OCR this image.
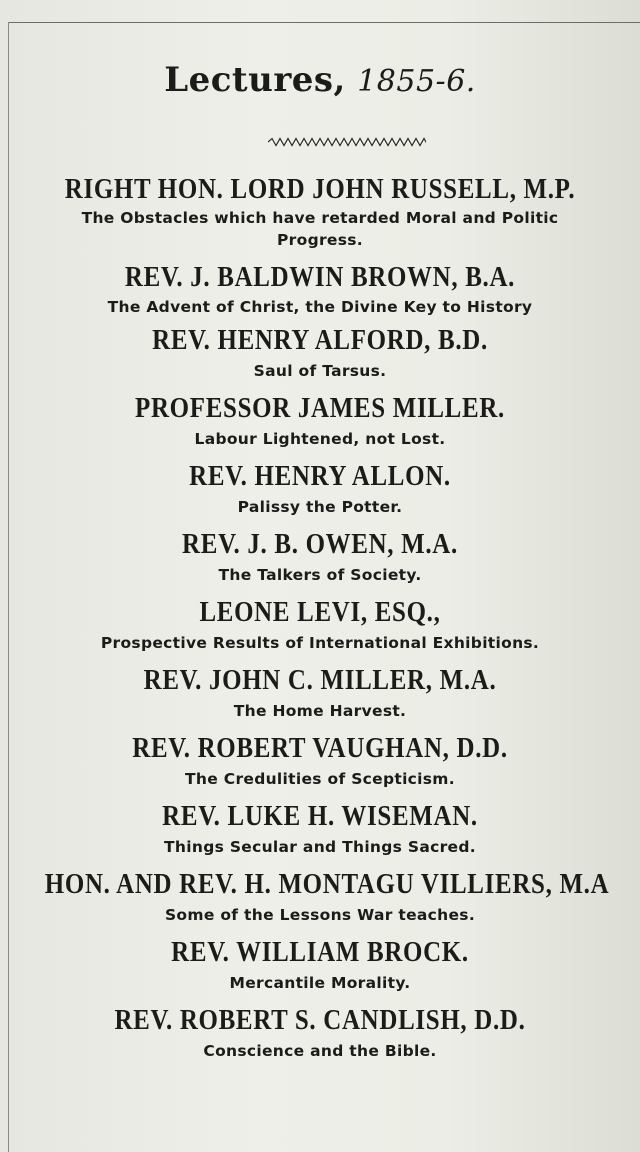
Lectures, 1855-6.
RIGHT HON. LORD JOHN RUSSELL, M.P.
The Obstacles which have retarded Moral and Politic
Progress.
REV. J. BALDWIN BROWN, B.A.
The Advent of Christ, the Divine Key to History
REV. HENRY ALFORD, B.D.
Saul of Tarsus.
PROFESSOR JAMES MILLER.
Labour Lightened, not Lost.
REV. HENRY ALLON.
Palissy the Potter.
REV. J. B. OWEN, M.A.
The Talkers of Society.
LEONE LEVI, ESQ.,
Prospective Results of International Exhibitions.
REV. JOHN C. MILLER, M.A.
The Home Harvest.
REV. ROBERT VAUGHAN, D.D.
The Credulities of Scepticism.
REV. LUKE H. WISEMAN.
Things Secular and Things Sacred.
HON. AND REV. H. MONTAGU VILLIERS, M.A
Some of the Lessons War teaches.
REV. WILLIAM BROCK.
Mercantile Morality.
REV. ROBERT S. CANDLISH, D.D.
Conscience and the Bible.
